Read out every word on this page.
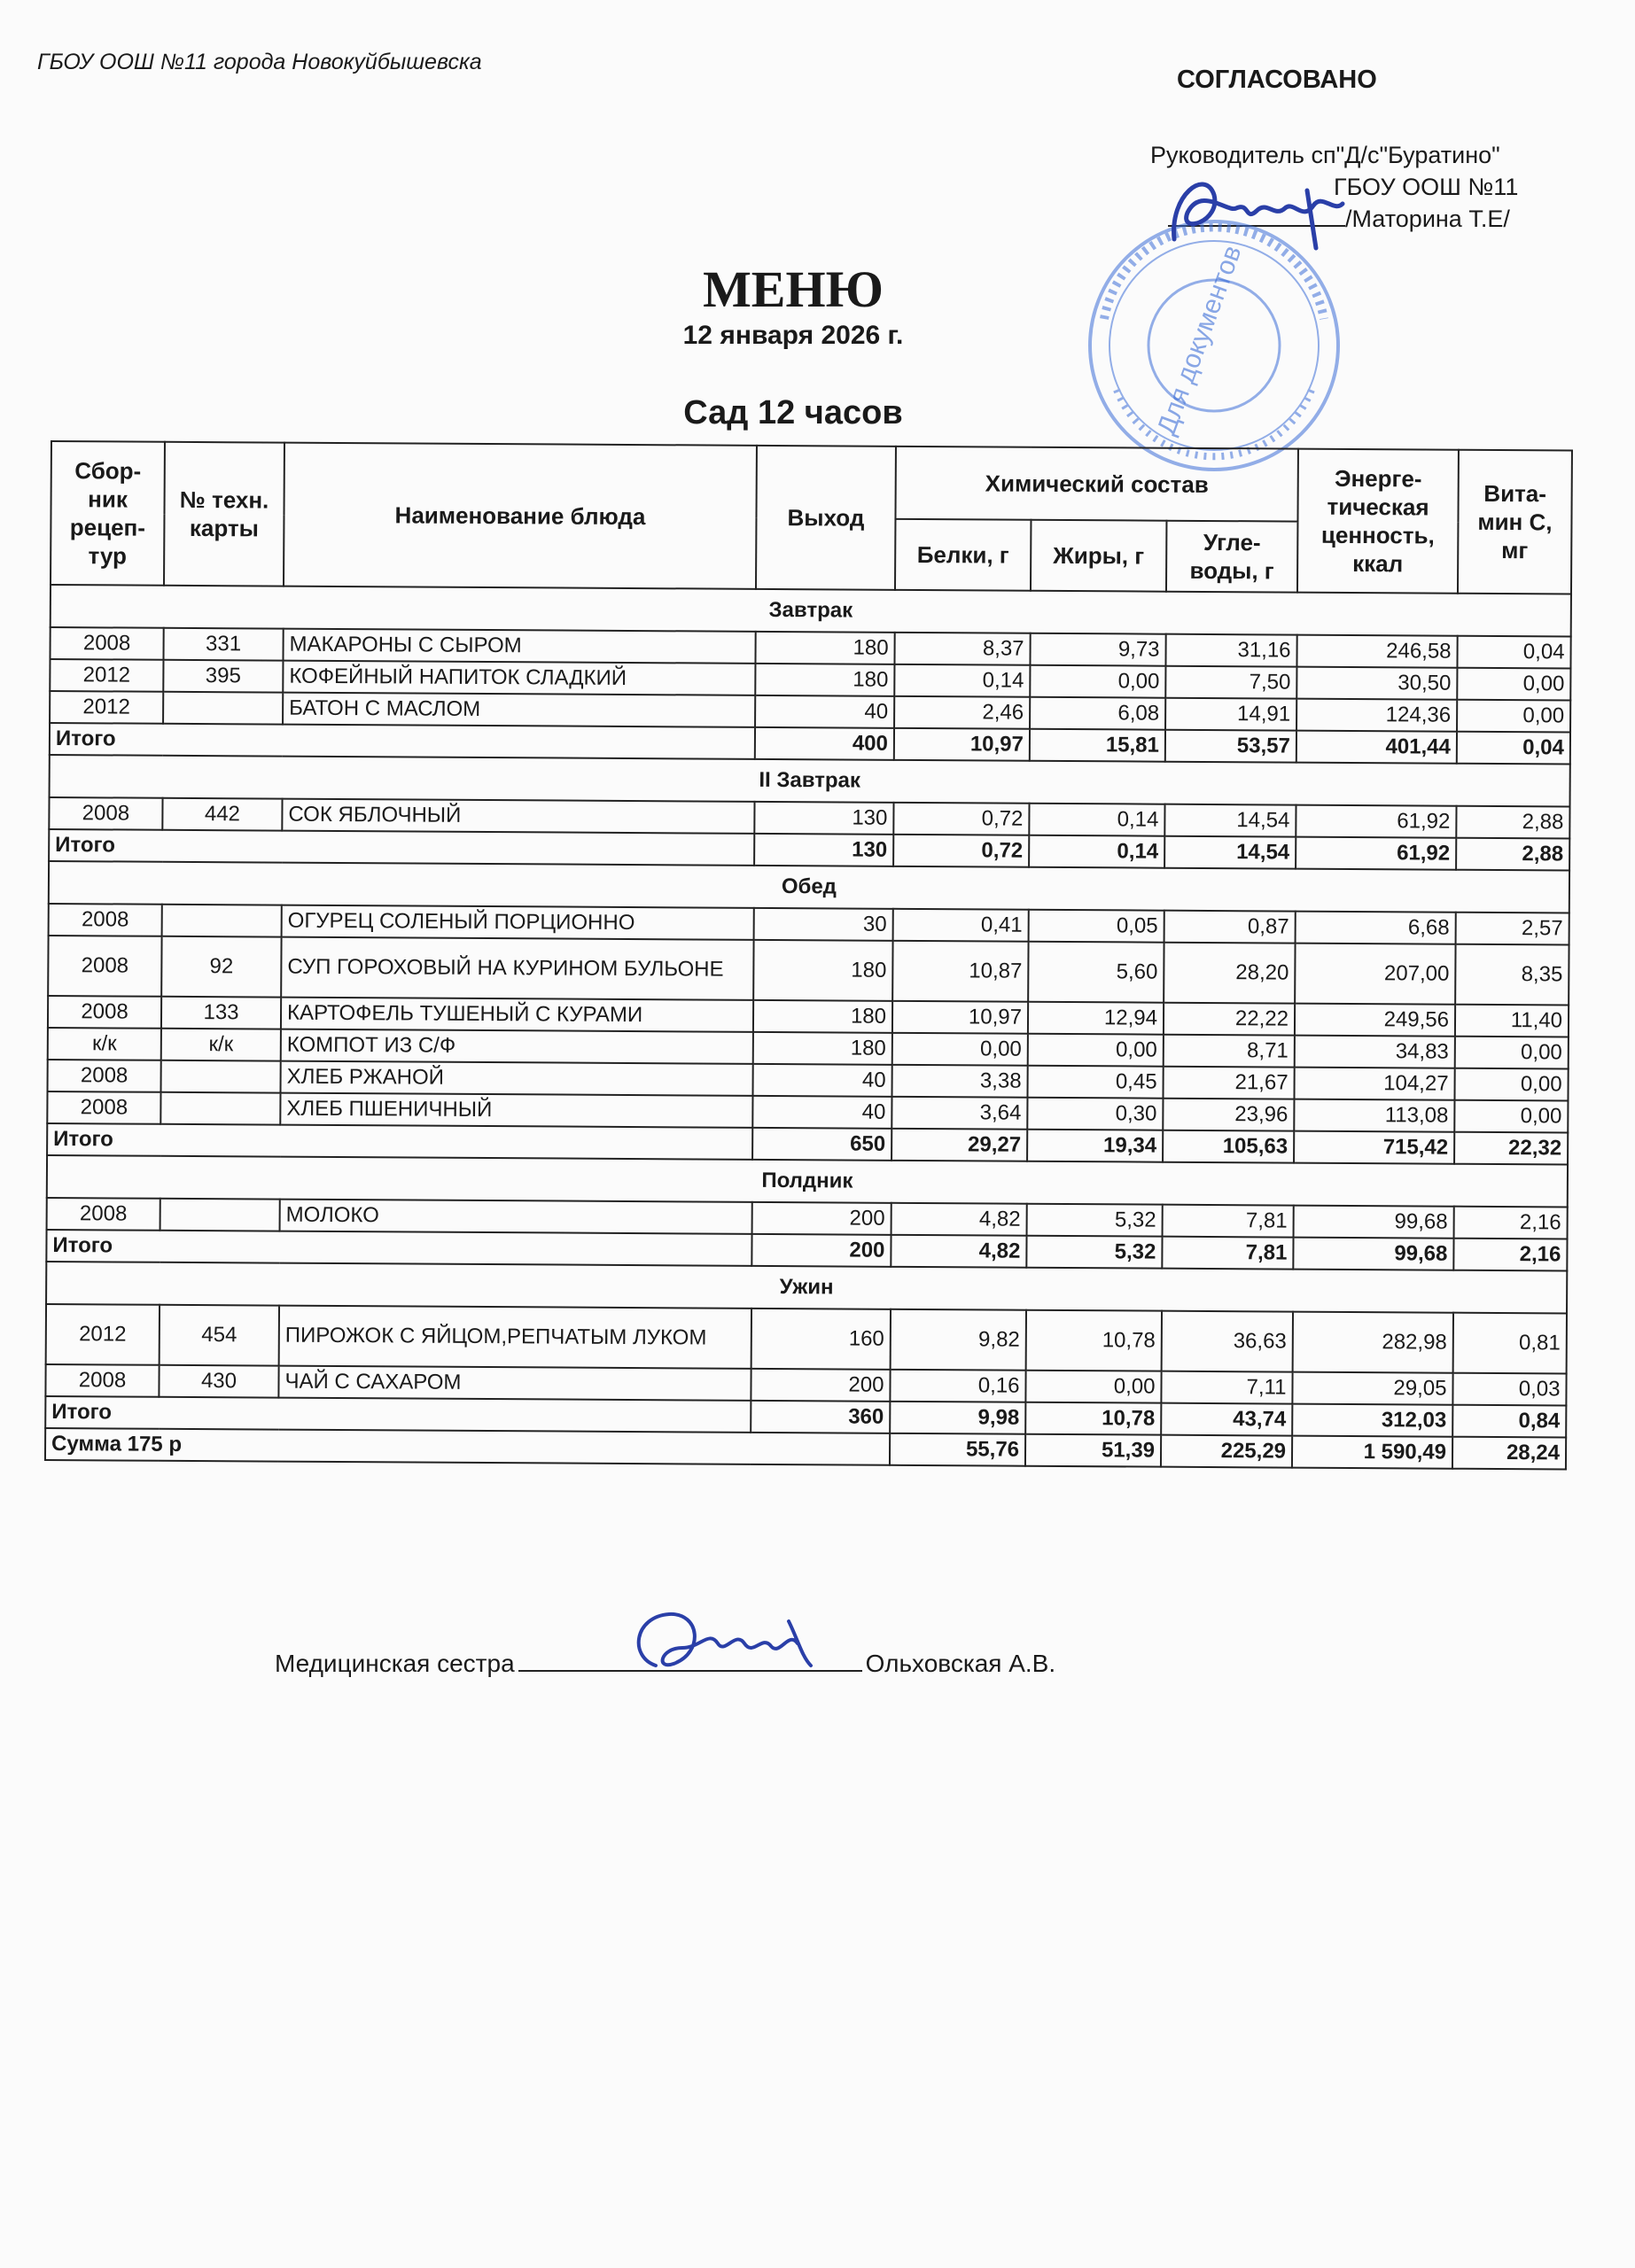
ГБОУ ООШ №11 города Новокуйбышевска
СОГЛАСОВАНО
Руководитель сп"Д/с"Буратино"
ГБОУ ООШ №11
/Маторина Т.Е/
Для документов
МЕНЮ
12 января 2026 г.
Сад 12 часов
Сбор-ник рецеп-тур	№ техн. карты	Наименование блюда	Выход	Химический состав			Энерге-тическая ценность, ккал	Вита-мин С, мг
				Белки, г	Жиры, г	Угле-воды, г		
Завтрак								
2008	331	МАКАРОНЫ С СЫРОМ	180	8,37	9,73	31,16	246,58	0,04
2012	395	КОФЕЙНЫЙ НАПИТОК СЛАДКИЙ	180	0,14	0,00	7,50	30,50	0,00
2012		БАТОН С МАСЛОМ	40	2,46	6,08	14,91	124,36	0,00
Итого			400	10,97	15,81	53,57	401,44	0,04
II Завтрак								
2008	442	СОК ЯБЛОЧНЫЙ	130	0,72	0,14	14,54	61,92	2,88
Итого			130	0,72	0,14	14,54	61,92	2,88
Обед								
2008		ОГУРЕЦ СОЛЕНЫЙ ПОРЦИОННО	30	0,41	0,05	0,87	6,68	2,57
2008	92	СУП ГОРОХОВЫЙ НА КУРИНОМ БУЛЬОНЕ	180	10,87	5,60	28,20	207,00	8,35
2008	133	КАРТОФЕЛЬ ТУШЕНЫЙ С КУРАМИ	180	10,97	12,94	22,22	249,56	11,40
к/к	к/к	КОМПОТ ИЗ С/Ф	180	0,00	0,00	8,71	34,83	0,00
2008		ХЛЕБ РЖАНОЙ	40	3,38	0,45	21,67	104,27	0,00
2008		ХЛЕБ ПШЕНИЧНЫЙ	40	3,64	0,30	23,96	113,08	0,00
Итого			650	29,27	19,34	105,63	715,42	22,32
Полдник								
2008		МОЛОКО	200	4,82	5,32	7,81	99,68	2,16
Итого			200	4,82	5,32	7,81	99,68	2,16
Ужин								
2012	454	ПИРОЖОК С ЯЙЦОМ,РЕПЧАТЫМ ЛУКОМ	160	9,82	10,78	36,63	282,98	0,81
2008	430	ЧАЙ С САХАРОМ	200	0,16	0,00	7,11	29,05	0,03
Итого			360	9,98	10,78	43,74	312,03	0,84
Сумма 175 р				55,76	51,39	225,29	1 590,49	28,24
Медицинская сестра	Ольховская А.В.
